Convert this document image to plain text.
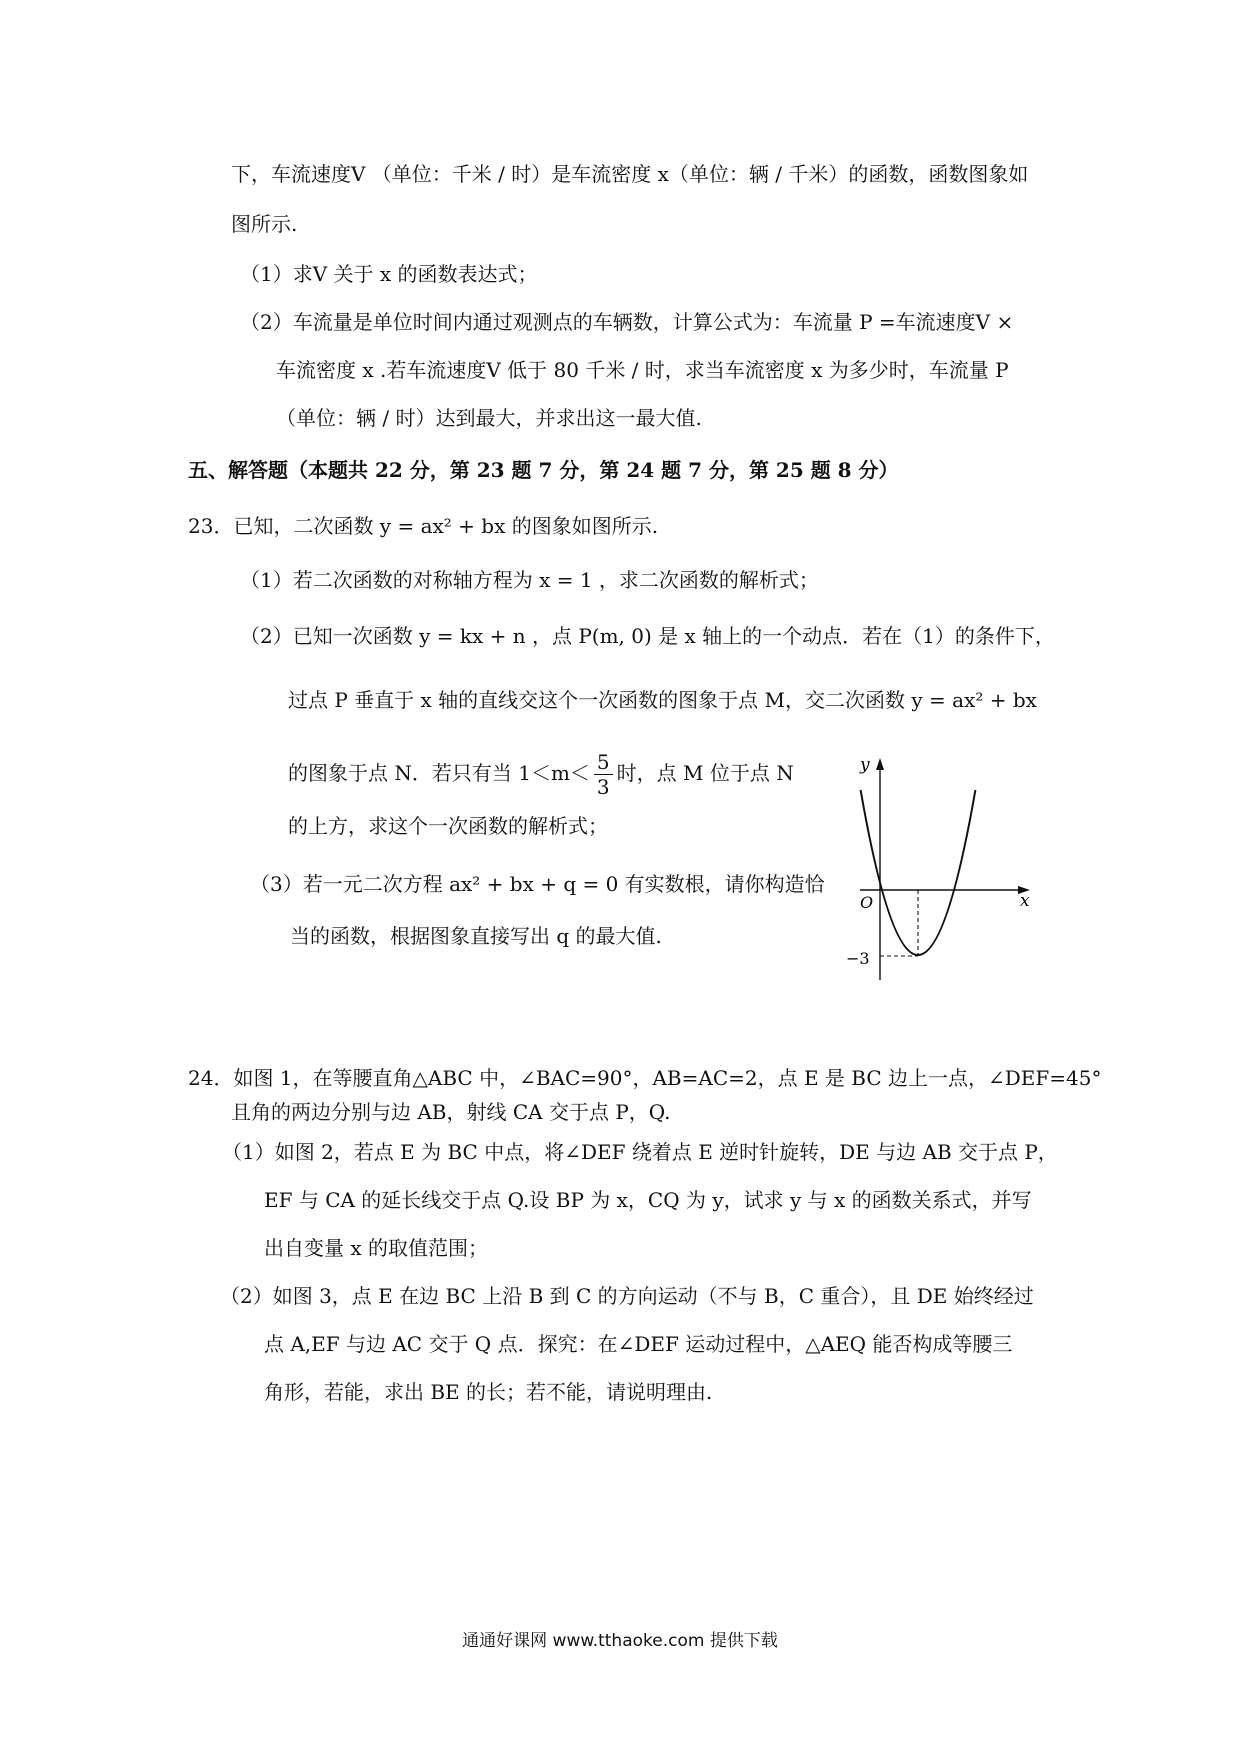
下，车流速度V （单位：千米 / 时）是车流密度 x（单位：辆 / 千米）的函数，函数图象如
图所示.
（1）求V 关于 x 的函数表达式；
（2）车流量是单位时间内通过观测点的车辆数，计算公式为：车流量 P =车流速度V ×
车流密度 x .若车流速度V 低于 80 千米 / 时，求当车流密度 x 为多少时，车流量 P
（单位：辆 / 时）达到最大，并求出这一最大值.
五、解答题（本题共 22 分，第 23 题 7 分，第 24 题 7 分，第 25 题 8 分）
23．已知，二次函数 y = ax² + bx 的图象如图所示.
（1）若二次函数的对称轴方程为 x = 1 ，求二次函数的解析式；
（2）已知一次函数 y = kx + n ，点 P(m, 0) 是 x 轴上的一个动点．若在（1）的条件下，
过点 P 垂直于 x 轴的直线交这个一次函数的图象于点 M，交二次函数 y = ax² + bx
的图象于点 N．若只有当 $1<m< \frac{5}{3}$ 时，点 M 位于点 N
的上方，求这个一次函数的解析式；
（3）若一元二次方程 ax² + bx + q = 0 有实数根，请你构造恰
当的函数，根据图象直接写出 q 的最大值.
y
x
O
−3
24．如图 1，在等腰直角△ABC 中，∠BAC=90°，AB=AC=2，点 E 是 BC 边上一点，∠DEF=45°
且角的两边分别与边 AB，射线 CA 交于点 P，Q.
（1）如图 2，若点 E 为 BC 中点，将∠DEF 绕着点 E 逆时针旋转，DE 与边 AB 交于点 P，
EF 与 CA 的延长线交于点 Q.设 BP 为 x，CQ 为 y，试求 y 与 x 的函数关系式，并写
出自变量 x 的取值范围；
（2）如图 3，点 E 在边 BC 上沿 B 到 C 的方向运动（不与 B，C 重合），且 DE 始终经过
点 A,EF 与边 AC 交于 Q 点．探究：在∠DEF 运动过程中，△AEQ 能否构成等腰三
角形，若能，求出 BE 的长；若不能，请说明理由.
通通好课网 www.tthaoke.com 提供下载
